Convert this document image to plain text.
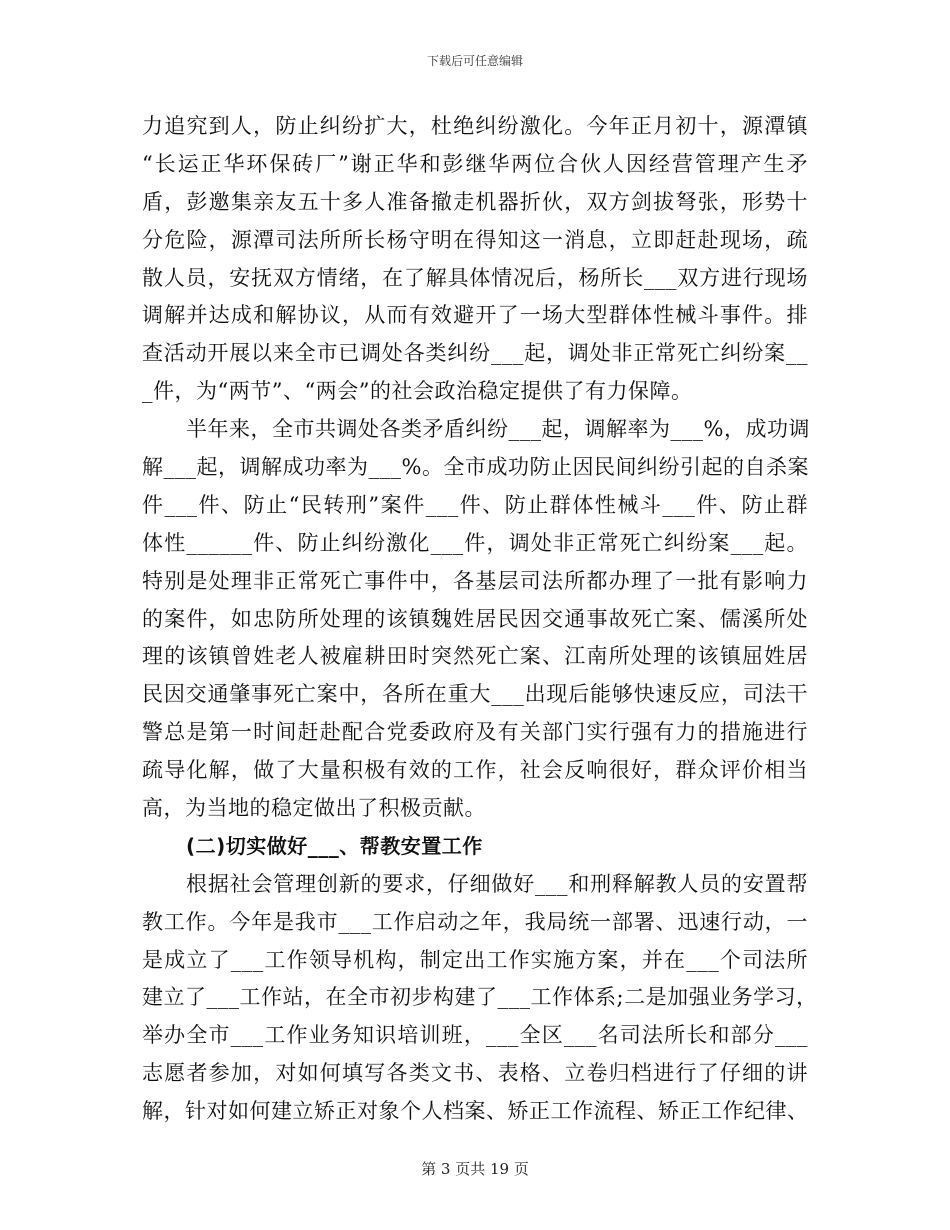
下载后可任意编辑
力追究到人，防止纠纷扩大，杜绝纠纷激化。今年正月初十，源潭镇
“长运正华环保砖厂”谢正华和彭继华两位合伙人因经营管理产生矛
盾，彭邀集亲友五十多人准备撤走机器折伙，双方剑拔弩张，形势十
分危险，源潭司法所所长杨守明在得知这一消息，立即赶赴现场，疏
散人员，安抚双方情绪，在了解具体情况后，杨所长___双方进行现场
调解并达成和解协议，从而有效避开了一场大型群体性械斗事件。排
查活动开展以来全市已调处各类纠纷___起，调处非正常死亡纠纷案__
_件，为“两节”、“两会”的社会政治稳定提供了有力保障。
半年来，全市共调处各类矛盾纠纷___起，调解率为___%，成功调
解___起，调解成功率为___%。全市成功防止因民间纠纷引起的自杀案
件___件、防止“民转刑”案件___件、防止群体性械斗___件、防止群
体性______件、防止纠纷激化___件，调处非正常死亡纠纷案___起。
特别是处理非正常死亡事件中，各基层司法所都办理了一批有影响力
的案件，如忠防所处理的该镇魏姓居民因交通事故死亡案、儒溪所处
理的该镇曾姓老人被雇耕田时突然死亡案、江南所处理的该镇屈姓居
民因交通肇事死亡案中，各所在重大___出现后能够快速反应，司法干
警总是第一时间赶赴配合党委政府及有关部门实行强有力的措施进行
疏导化解，做了大量积极有效的工作，社会反响很好，群众评价相当
高，为当地的稳定做出了积极贡献。
(二)切实做好___、帮教安置工作
根据社会管理创新的要求，仔细做好___和刑释解教人员的安置帮
教工作。今年是我市___工作启动之年，我局统一部署、迅速行动，一
是成立了___工作领导机构，制定出工作实施方案，并在___个司法所
建立了___工作站，在全市初步构建了___工作体系;二是加强业务学习，
举办全市___工作业务知识培训班，___全区___名司法所长和部分___
志愿者参加，对如何填写各类文书、表格、立卷归档进行了仔细的讲
解，针对如何建立矫正对象个人档案、矫正工作流程、矫正工作纪律、
第 3 页共 19 页
